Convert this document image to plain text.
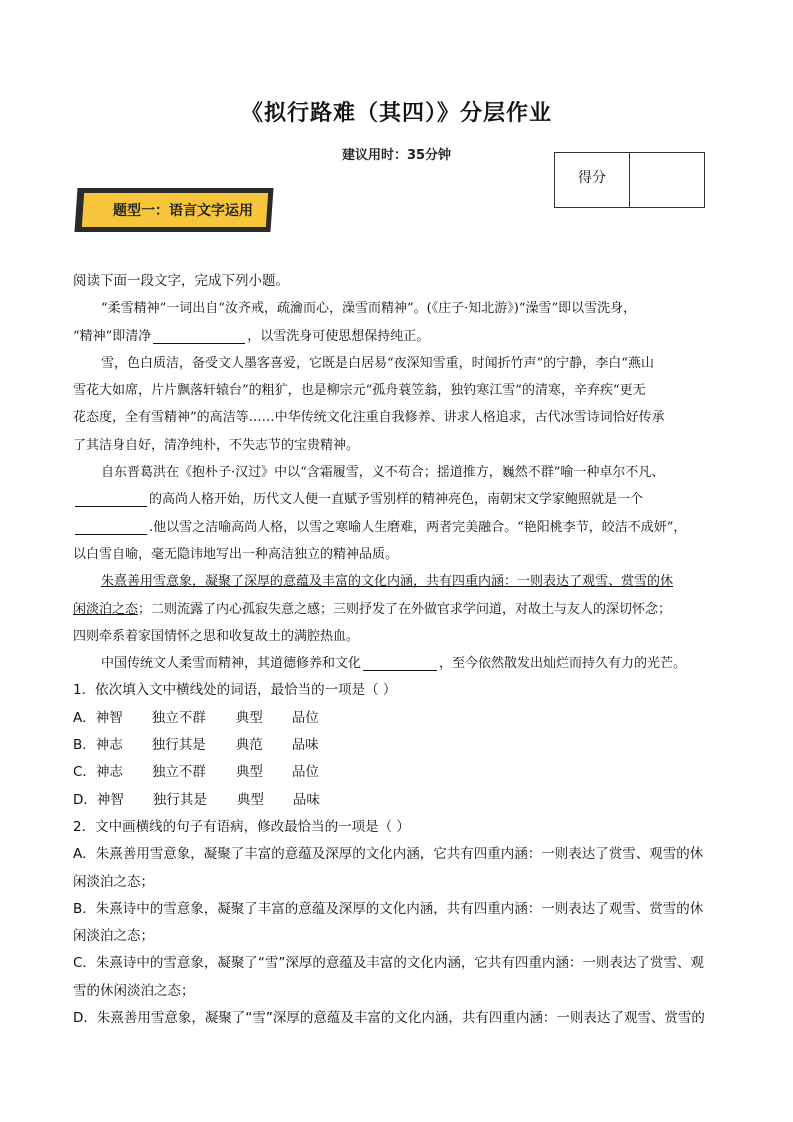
《拟行路难（其四）》分层作业
建议用时：35分钟
得分
题型一：语言文字运用
阅读下面一段文字，完成下列小题。
“柔雪精神”一词出自“汝齐戒，疏瀹而心，澡雪而精神”。(《庄子·知北游》)“澡雪”即以雪洗身，
“精神”即清净	，以雪洗身可使思想保持纯正。
雪，色白质洁，备受文人墨客喜爱，它既是白居易“夜深知雪重，时闻折竹声”的宁静，李白“燕山
雪花大如席，片片飘落轩辕台”的粗犷，也是柳宗元“孤舟蓑笠翁，独钓寒江雪”的清寒，辛弃疾“更无
花态度，全有雪精神”的高洁等……中华传统文化注重自我修养、讲求人格追求，古代冰雪诗词恰好传承
了其洁身自好，清净纯朴，不失志节的宝贵精神。
自东晋葛洪在《抱朴子·汉过》中以“含霜履雪，义不苟合；揺道推方，巍然不群”喻一种卓尔不凡、
的高尚人格开始，历代文人便一直赋予雪别样的精神亮色，南朝宋文学家鲍照就是一个
.他以雪之洁喻高尚人格，以雪之寒喻人生磨难，两者完美融合。“艳阳桃李节，皎洁不成妍”，
以白雪自喻，毫无隐讳地写出一种高洁独立的精神品质。
朱熹善用雪意象，凝聚了深厚的意蕴及丰富的文化内涵，共有四重内涵：一则表达了观雪、赏雪的休
闲淡泊之态；二则流露了内心孤寂失意之感；三则抒发了在外做官求学问道，对故土与友人的深切怀念；
四则牵系着家国情怀之思和收复故土的满腔热血。
中国传统文人柔雪而精神，其道德修养和文化	，至今依然散发出灿烂而持久有力的光芒。
1．依次填入文中横线处的词语，最恰当的一项是（ ）
A．神智 独立不群 典型 品位
B．神志 独行其是 典范 品味
C．神志 独立不群 典型 品位
D．神智 独行其是 典型 品味
2．文中画横线的句子有语病，修改最恰当的一项是（ ）
A．朱熹善用雪意象，凝聚了丰富的意蕴及深厚的文化内涵，它共有四重内涵：一则表达了赏雪、观雪的休
闲淡泊之态；
B．朱熹诗中的雪意象，凝聚了丰富的意蕴及深厚的文化内涵，共有四重内涵：一则表达了观雪、赏雪的休
闲淡泊之态；
C．朱熹诗中的雪意象，凝聚了“雪”深厚的意蕴及丰富的文化内涵，它共有四重内涵：一则表达了赏雪、观
雪的休闲淡泊之态；
D．朱熹善用雪意象，凝聚了“雪”深厚的意蕴及丰富的文化内涵，共有四重内涵：一则表达了观雪、赏雪的
